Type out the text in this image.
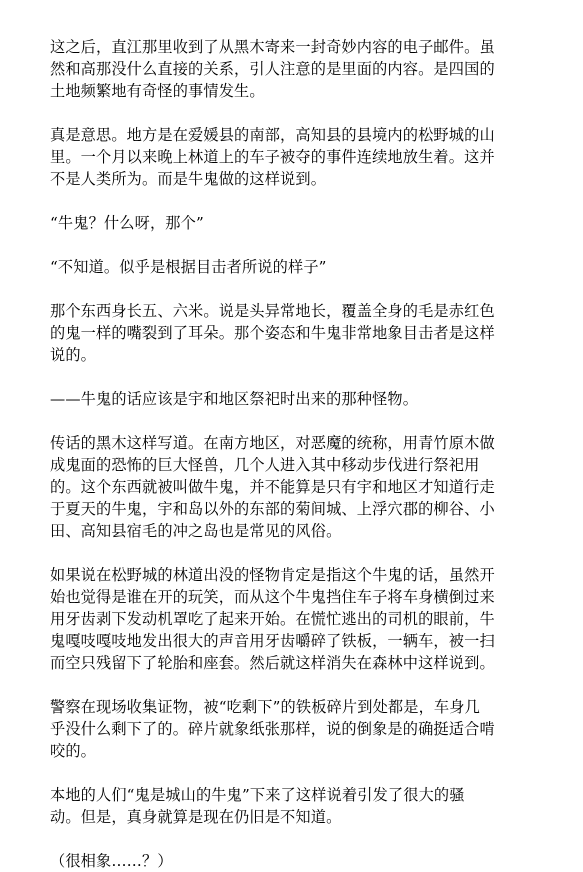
这之后，直江那里收到了从黑木寄来一封奇妙内容的电子邮件。虽
然和高那没什么直接的关系，引人注意的是里面的内容。是四国的
土地频繁地有奇怪的事情发生。
真是意思。地方是在爱媛县的南部，高知县的县境内的松野城的山
里。一个月以来晚上林道上的车子被夺的事件连续地放生着。这并
不是人类所为。而是牛鬼做的这样说到。
“牛鬼？什么呀，那个”
“不知道。似乎是根据目击者所说的样子”
那个东西身长五、六米。说是头异常地长，覆盖全身的毛是赤红色
的鬼一样的嘴裂到了耳朵。那个姿态和牛鬼非常地象目击者是这样
说的。
——牛鬼的话应该是宇和地区祭祀时出来的那种怪物。
传话的黑木这样写道。在南方地区，对恶魔的统称，用青竹原木做
成鬼面的恐怖的巨大怪兽，几个人进入其中移动步伐进行祭祀用
的。这个东西就被叫做牛鬼，并不能算是只有宇和地区才知道行走
于夏天的牛鬼，宇和岛以外的东部的菊间城、上浮穴郡的柳谷、小
田、高知县宿毛的冲之岛也是常见的风俗。
如果说在松野城的林道出没的怪物肯定是指这个牛鬼的话，虽然开
始也觉得是谁在开的玩笑，而从这个牛鬼挡住车子将车身横倒过来
用牙齿剥下发动机罩吃了起来开始。在慌忙逃出的司机的眼前，牛
鬼嘎吱嘎吱地发出很大的声音用牙齿嚼碎了铁板，一辆车，被一扫
而空只残留下了轮胎和座套。然后就这样消失在森林中这样说到。
警察在现场收集证物，被“吃剩下”的铁板碎片到处都是，车身几
乎没什么剩下了的。碎片就象纸张那样，说的倒象是的确挺适合啃
咬的。
本地的人们“鬼是城山的牛鬼”下来了这样说着引发了很大的骚
动。但是，真身就算是现在仍旧是不知道。
（很相象……？）
